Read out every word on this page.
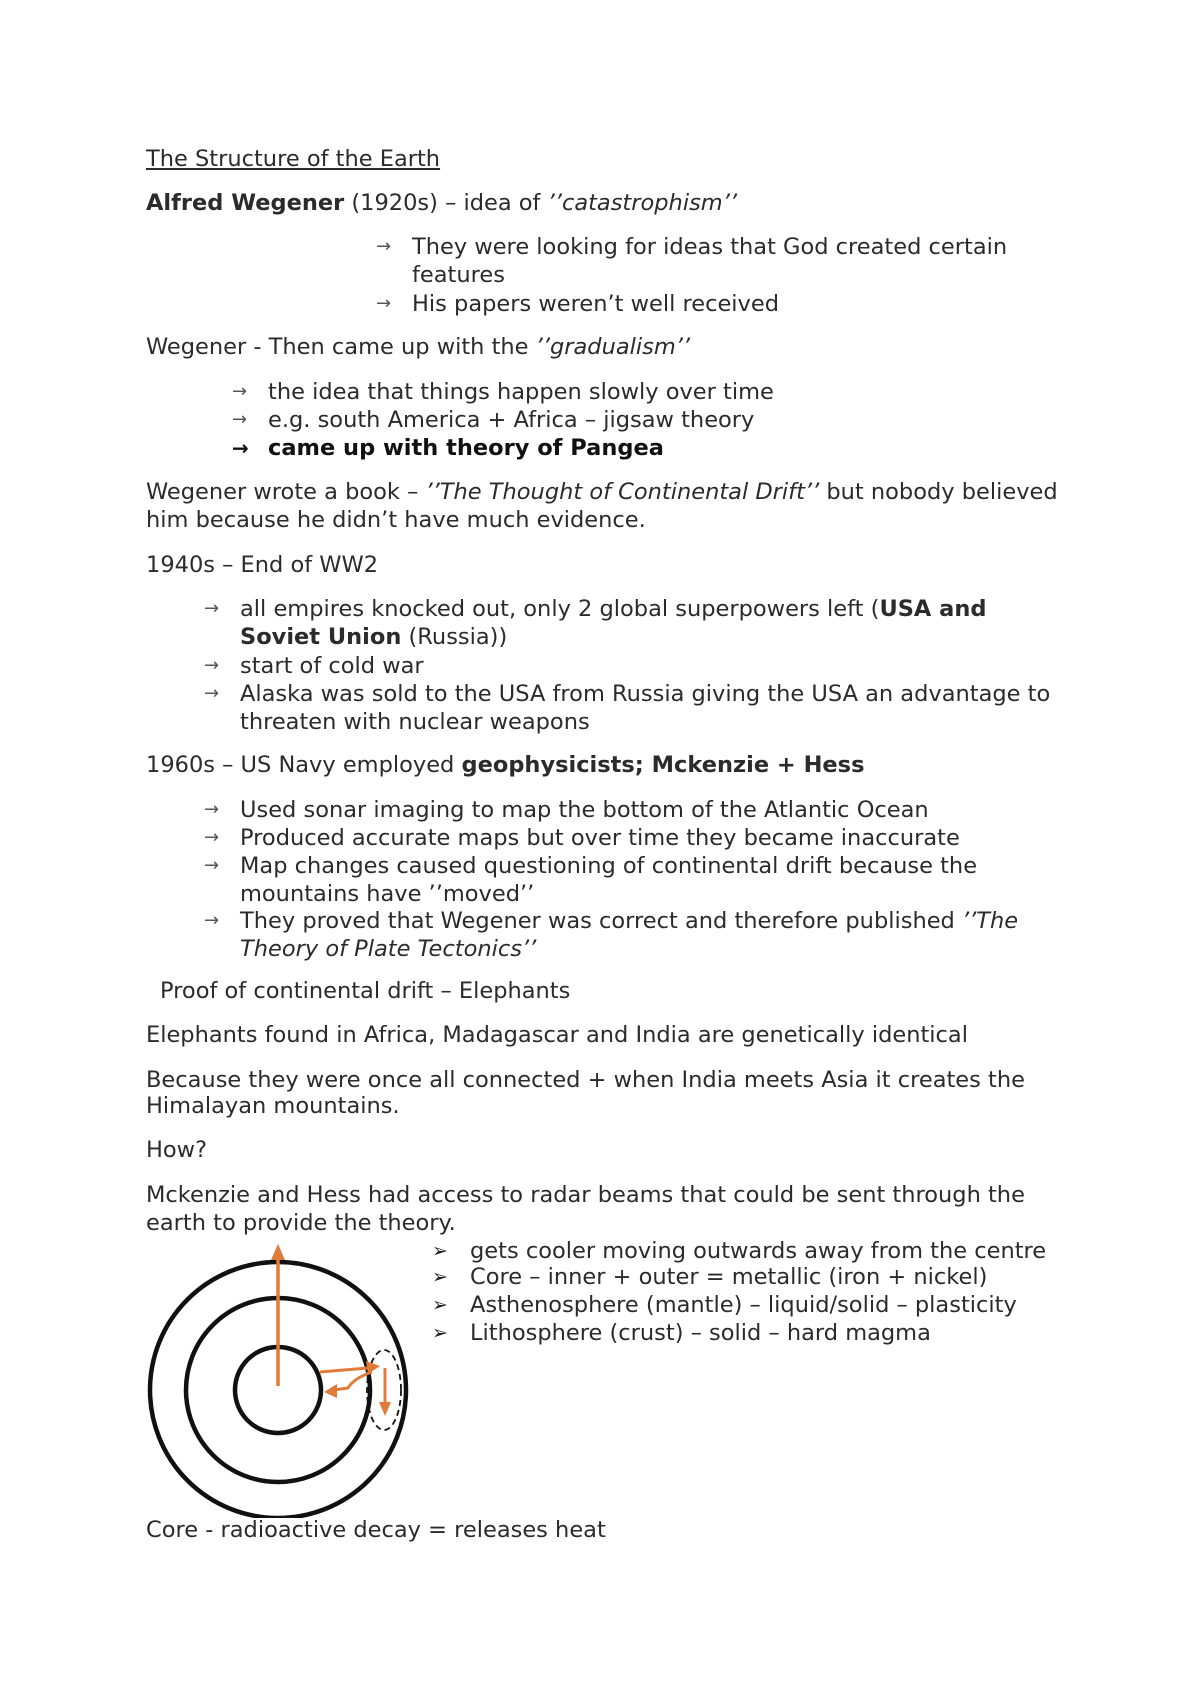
The Structure of the Earth
Alfred Wegener (1920s) – idea of ’’catastrophism’’
→ They were looking for ideas that God created certain
features
→ His papers weren’t well received
Wegener - Then came up with the ’’gradualism’’
→ the idea that things happen slowly over time
→ e.g. south America + Africa – jigsaw theory
→ came up with theory of Pangea
Wegener wrote a book – ’’The Thought of Continental Drift’’ but nobody believed
him because he didn’t have much evidence.
1940s – End of WW2
→ all empires knocked out, only 2 global superpowers left (USA and
Soviet Union (Russia))
→ start of cold war
→ Alaska was sold to the USA from Russia giving the USA an advantage to
threaten with nuclear weapons
1960s – US Navy employed geophysicists; Mckenzie + Hess
→ Used sonar imaging to map the bottom of the Atlantic Ocean
→ Produced accurate maps but over time they became inaccurate
→ Map changes caused questioning of continental drift because the
mountains have ’’moved’’
→ They proved that Wegener was correct and therefore published ’’The
Theory of Plate Tectonics’’
Proof of continental drift – Elephants
Elephants found in Africa, Madagascar and India are genetically identical
Because they were once all connected + when India meets Asia it creates the
Himalayan mountains.
How?
Mckenzie and Hess had access to radar beams that could be sent through the
earth to provide the theory.
➢ gets cooler moving outwards away from the centre
➢ Core – inner + outer = metallic (iron + nickel)
➢ Asthenosphere (mantle) – liquid/solid – plasticity
➢ Lithosphere (crust) – solid – hard magma
Core - radioactive decay = releases heat
